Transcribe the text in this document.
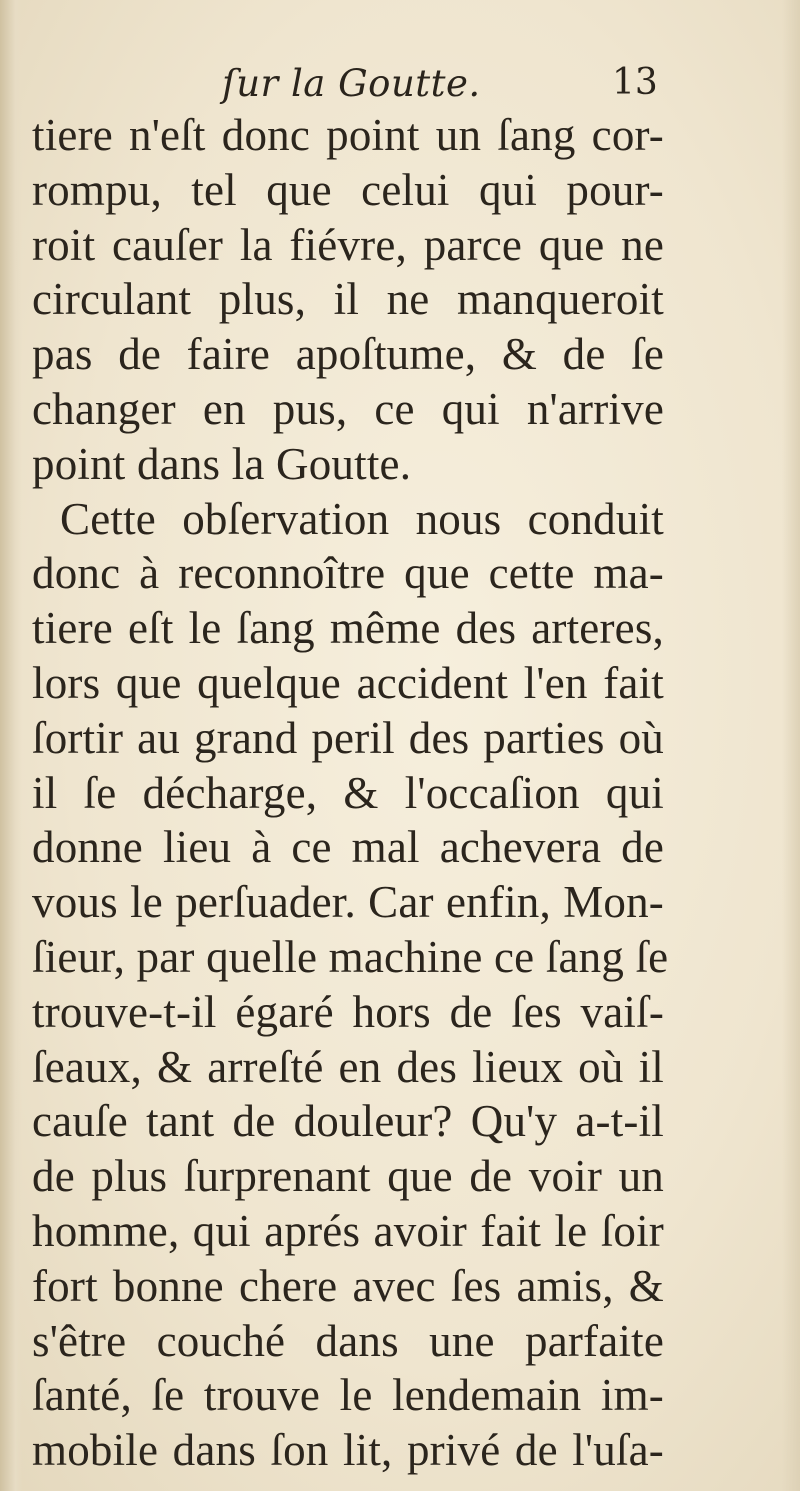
ſur la Goutte.	13
tiere n'eſt donc point un ſang cor-
rompu, tel que celui qui pour-
roit cauſer la fiévre, parce que ne
circulant plus, il ne manqueroit
pas de faire apoſtume, & de ſe
changer en pus, ce qui n'arrive
point dans la Goutte.
Cette obſervation nous conduit
donc à reconnoître que cette ma-
tiere eſt le ſang même des arteres,
lors que quelque accident l'en fait
ſortir au grand peril des parties où
il ſe décharge, & l'occaſion qui
donne lieu à ce mal achevera de
vous le perſuader. Car enfin, Mon-
ſieur, par quelle machine ce ſang ſe
trouve-t-il égaré hors de ſes vaiſ-
ſeaux, & arreſté en des lieux où il
cauſe tant de douleur? Qu'y a-t-il
de plus ſurprenant que de voir un
homme, qui aprés avoir fait le ſoir
fort bonne chere avec ſes amis, &
s'être couché dans une parfaite
ſanté, ſe trouve le lendemain im-
mobile dans ſon lit, privé de l'uſa-
